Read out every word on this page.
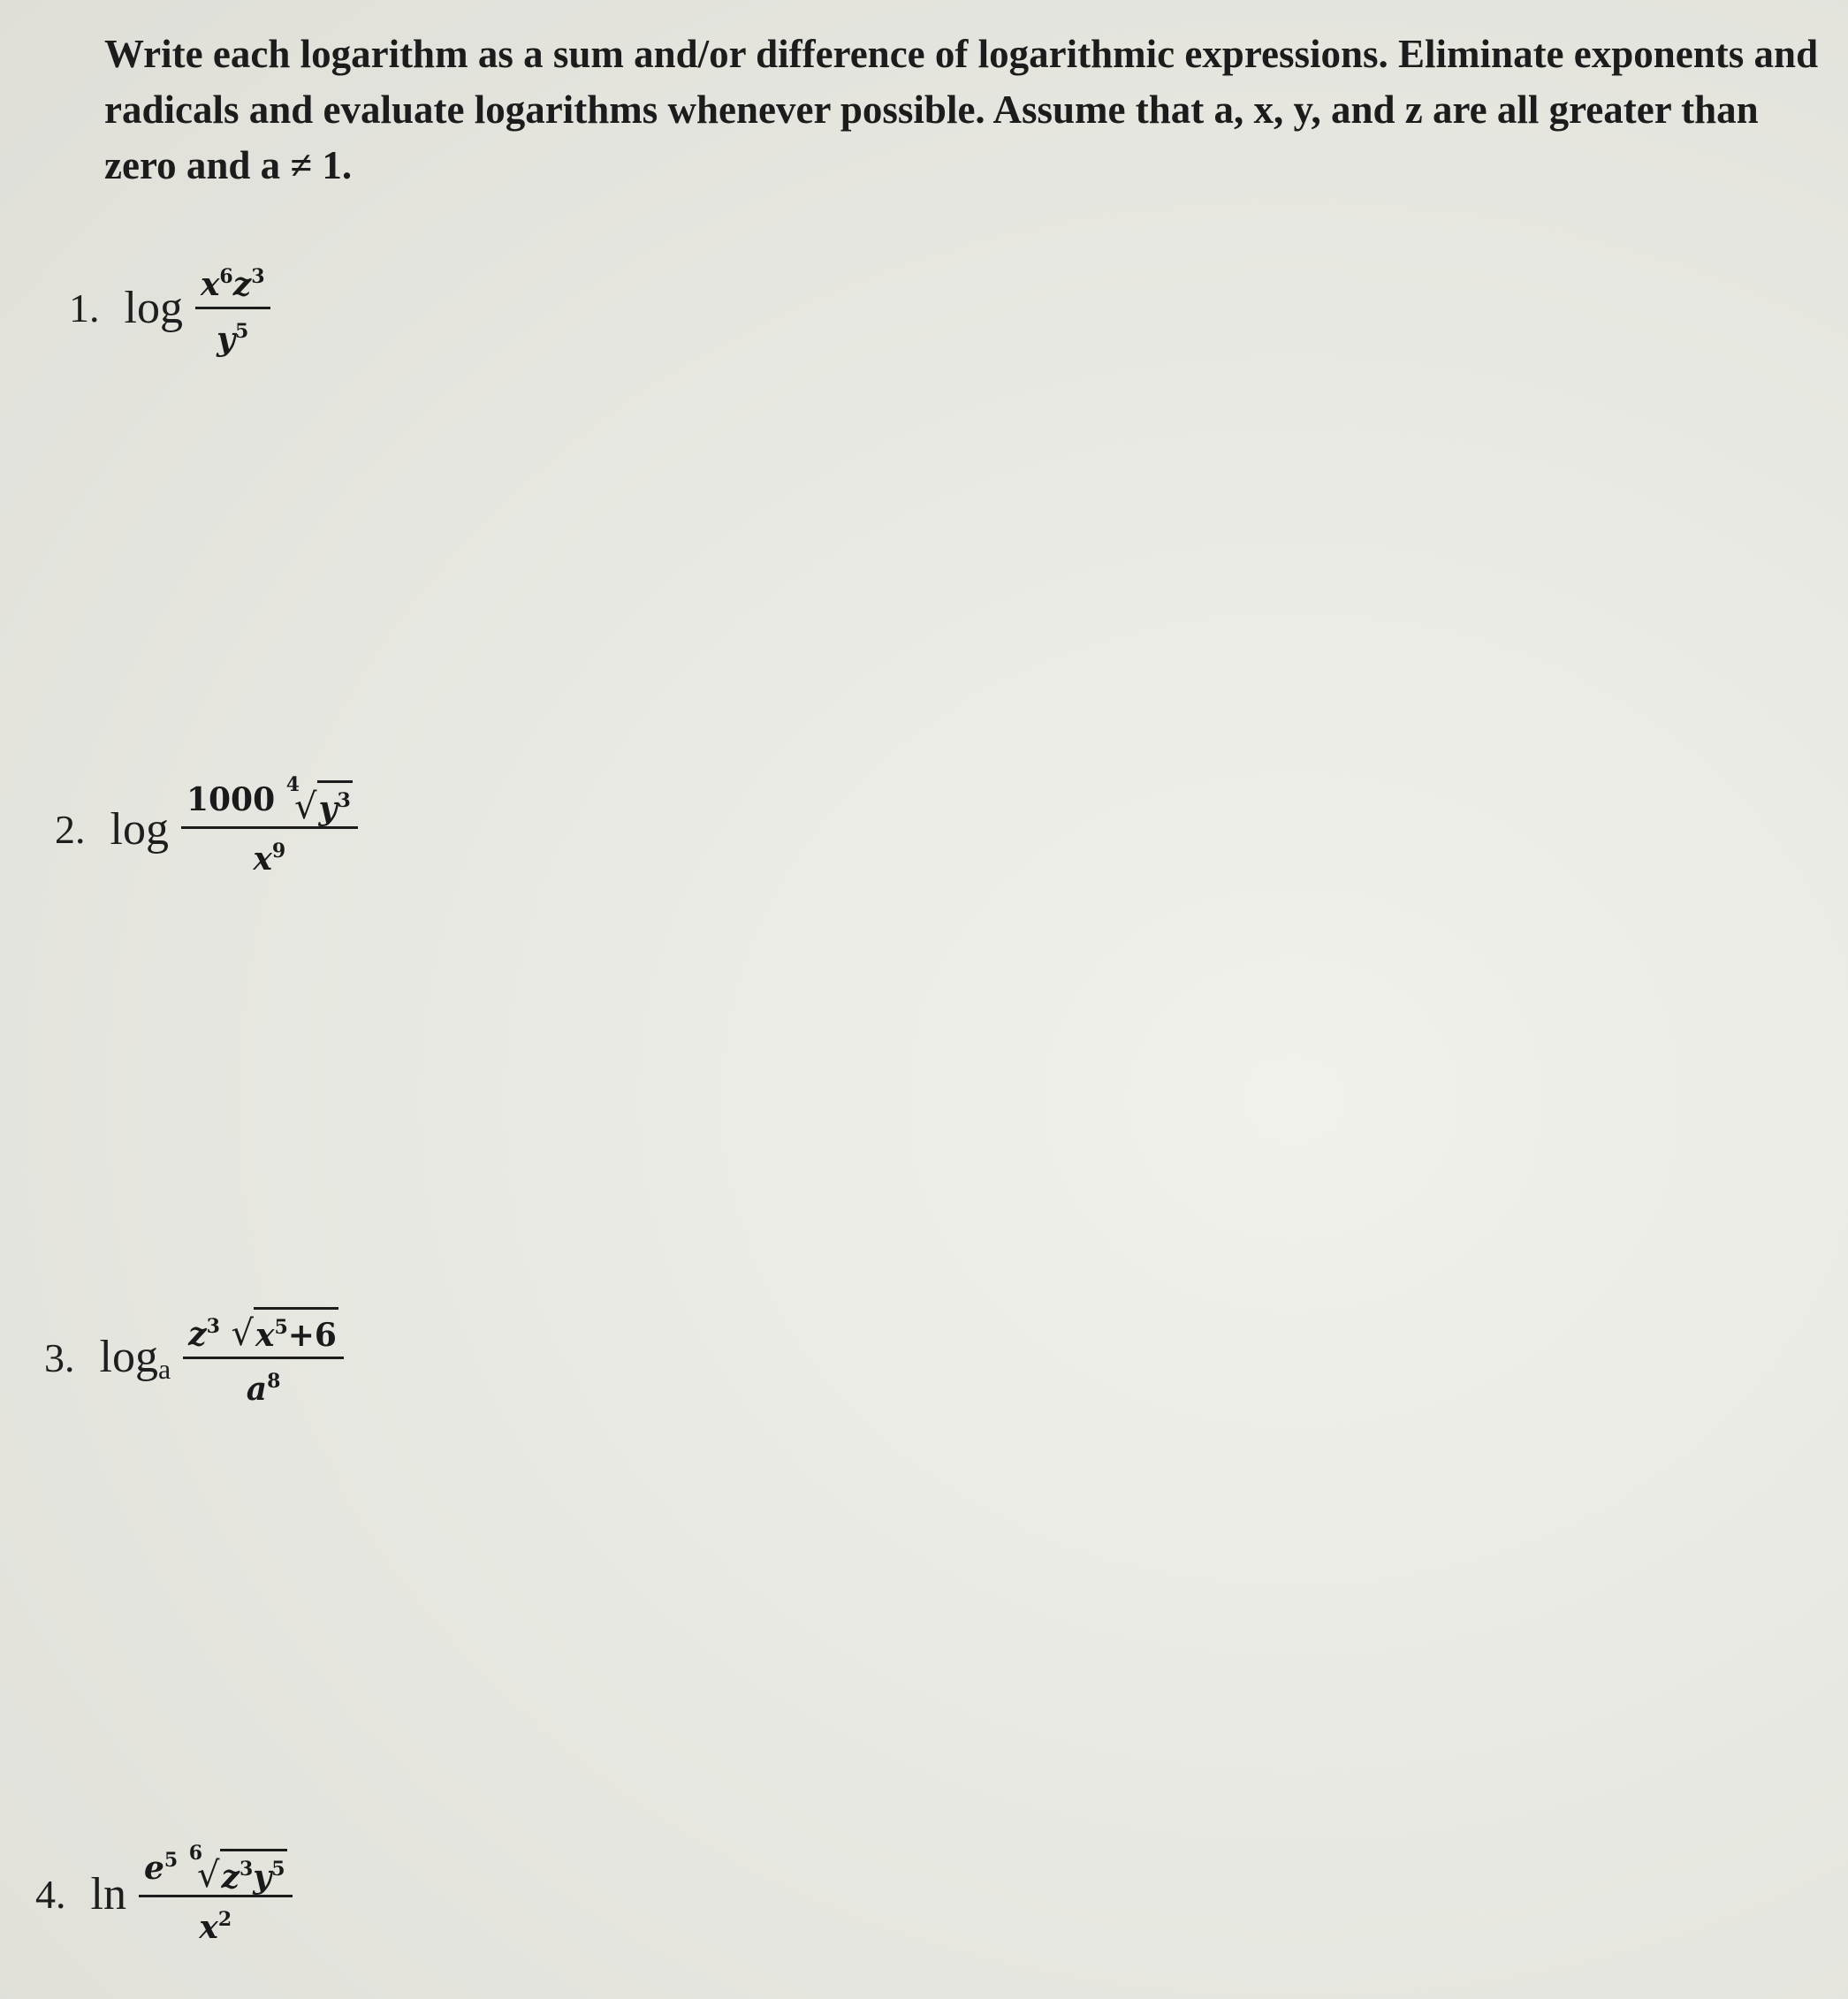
Write each logarithm as a sum and/or difference of logarithmic expressions. Eliminate exponents and radicals and evaluate logarithms whenever possible. Assume that a, x, y, and z are all greater than zero and a ≠ 1.
1. $\log \frac{x^6z^3}{y^5}$
2. log 1000 4
√ $y^3$
$x^9$
3. $\log_a \frac{z^3 √ x^5+6}{a^8}$
4. $\ln e^5$ 6
√ $z^3y^5$
$x^2$
